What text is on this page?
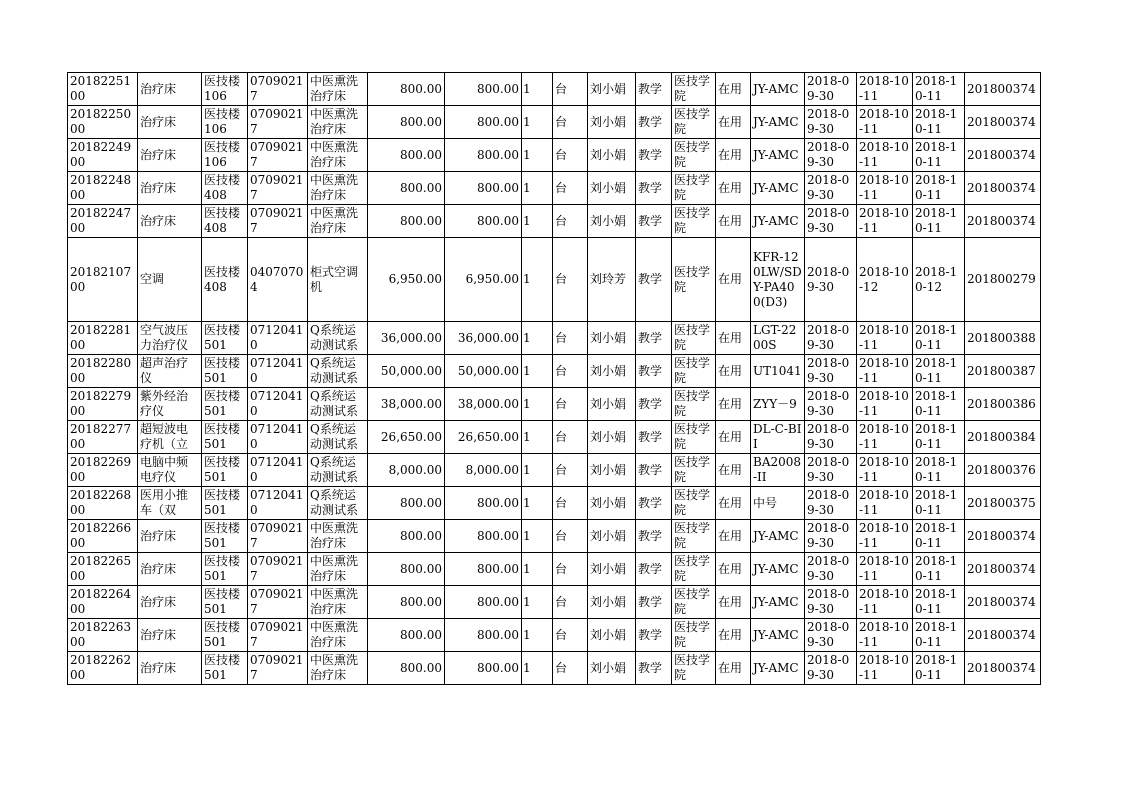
2018225100	治疗床	医技楼106	07090217	中医熏洗治疗床	800.00	800.00	1	台	刘小娟	教学	医技学院	在用	JY-AMC	2018-09-30	2018-10-11	2018-10-11	201800374
2018225000	治疗床	医技楼106	07090217	中医熏洗治疗床	800.00	800.00	1	台	刘小娟	教学	医技学院	在用	JY-AMC	2018-09-30	2018-10-11	2018-10-11	201800374
2018224900	治疗床	医技楼106	07090217	中医熏洗治疗床	800.00	800.00	1	台	刘小娟	教学	医技学院	在用	JY-AMC	2018-09-30	2018-10-11	2018-10-11	201800374
2018224800	治疗床	医技楼408	07090217	中医熏洗治疗床	800.00	800.00	1	台	刘小娟	教学	医技学院	在用	JY-AMC	2018-09-30	2018-10-11	2018-10-11	201800374
2018224700	治疗床	医技楼408	07090217	中医熏洗治疗床	800.00	800.00	1	台	刘小娟	教学	医技学院	在用	JY-AMC	2018-09-30	2018-10-11	2018-10-11	201800374
2018210700	空调	医技楼408	04070704	柜式空调机	6,950.00	6,950.00	1	台	刘玲芳	教学	医技学院	在用	KFR-120LW/SDY-PA400(D3)	2018-09-30	2018-10-12	2018-10-12	201800279
2018228100	空气波压力治疗仪	医技楼501	07120410	Q系统运动测试系	36,000.00	36,000.00	1	台	刘小娟	教学	医技学院	在用	LGT-2200S	2018-09-30	2018-10-11	2018-10-11	201800388
2018228000	超声治疗仪	医技楼501	07120410	Q系统运动测试系	50,000.00	50,000.00	1	台	刘小娟	教学	医技学院	在用	UT1041	2018-09-30	2018-10-11	2018-10-11	201800387
2018227900	紫外经治疗仪	医技楼501	07120410	Q系统运动测试系	38,000.00	38,000.00	1	台	刘小娟	教学	医技学院	在用	ZYY－9	2018-09-30	2018-10-11	2018-10-11	201800386
2018227700	超短波电疗机（立	医技楼501	07120410	Q系统运动测试系	26,650.00	26,650.00	1	台	刘小娟	教学	医技学院	在用	DL-C-BII	2018-09-30	2018-10-11	2018-10-11	201800384
2018226900	电脑中频电疗仪	医技楼501	07120410	Q系统运动测试系	8,000.00	8,000.00	1	台	刘小娟	教学	医技学院	在用	BA2008-II	2018-09-30	2018-10-11	2018-10-11	201800376
2018226800	医用小推车（双	医技楼501	07120410	Q系统运动测试系	800.00	800.00	1	台	刘小娟	教学	医技学院	在用	中号	2018-09-30	2018-10-11	2018-10-11	201800375
2018226600	治疗床	医技楼501	07090217	中医熏洗治疗床	800.00	800.00	1	台	刘小娟	教学	医技学院	在用	JY-AMC	2018-09-30	2018-10-11	2018-10-11	201800374
2018226500	治疗床	医技楼501	07090217	中医熏洗治疗床	800.00	800.00	1	台	刘小娟	教学	医技学院	在用	JY-AMC	2018-09-30	2018-10-11	2018-10-11	201800374
2018226400	治疗床	医技楼501	07090217	中医熏洗治疗床	800.00	800.00	1	台	刘小娟	教学	医技学院	在用	JY-AMC	2018-09-30	2018-10-11	2018-10-11	201800374
2018226300	治疗床	医技楼501	07090217	中医熏洗治疗床	800.00	800.00	1	台	刘小娟	教学	医技学院	在用	JY-AMC	2018-09-30	2018-10-11	2018-10-11	201800374
2018226200	治疗床	医技楼501	07090217	中医熏洗治疗床	800.00	800.00	1	台	刘小娟	教学	医技学院	在用	JY-AMC	2018-09-30	2018-10-11	2018-10-11	201800374
